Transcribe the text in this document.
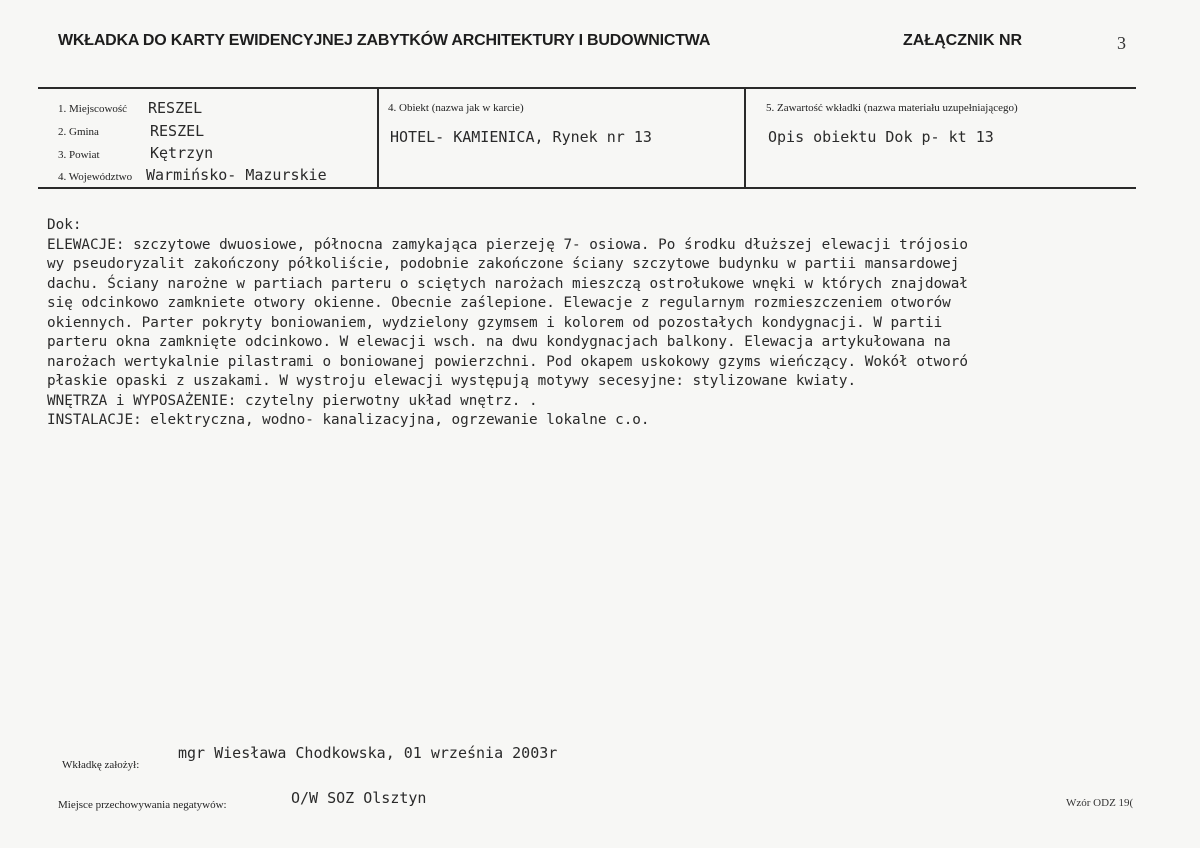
WKŁADKA DO KARTY EWIDENCYJNEJ ZABYTKÓW ARCHITEKTURY I BUDOWNICTWA	ZAŁĄCZNIK NR	3
1. Miejscowość RESZEL
2. Gmina	RESZEL
3. Powiat	Kętrzyn
4. Województwo Warmińsko- Mazurskie
4. Obiekt (nazwa jak w karcie)
HOTEL- KAMIENICA, Rynek nr 13
5. Zawartość wkładki (nazwa materiału uzupełniającego)
Opis obiektu Dok p- kt 13
Dok:
ELEWACJE: szczytowe dwuosiowe, północna zamykająca pierzeję 7- osiowa. Po środku dłuższej elewacji trójosio
wy pseudoryzalit zakończony półkoliście, podobnie zakończone ściany szczytowe budynku w partii mansardowej
dachu. Ściany narożne w partiach parteru o sciętych narożach mieszczą ostrołukowe wnęki w których znajdował
się odcinkowo zamkniete otwory okienne. Obecnie zaślepione. Elewacje z regularnym rozmieszczeniem otworów
okiennych. Parter pokryty boniowaniem, wydzielony gzymsem i kolorem od pozostałych kondygnacji. W partii
parteru okna zamknięte odcinkowo. W elewacji wsch. na dwu kondygnacjach balkony. Elewacja artykułowana na
narożach wertykalnie pilastrami o boniowanej powierzchni. Pod okapem uskokowy gzyms wieńczący. Wokół otworó
płaskie opaski z uszakami. W wystroju elewacji występują motywy secesyjne: stylizowane kwiaty.
WNĘTRZA i WYPOSAŻENIE: czytelny pierwotny układ wnętrz. .
INSTALACJE: elektryczna, wodno- kanalizacyjna, ogrzewanie lokalne c.o.
Wkładkę założył:
mgr Wiesława Chodkowska, 01 września 2003r
Miejsce przechowywania negatywów:	O/W SOZ Olsztyn	Wzór ODZ 19(
